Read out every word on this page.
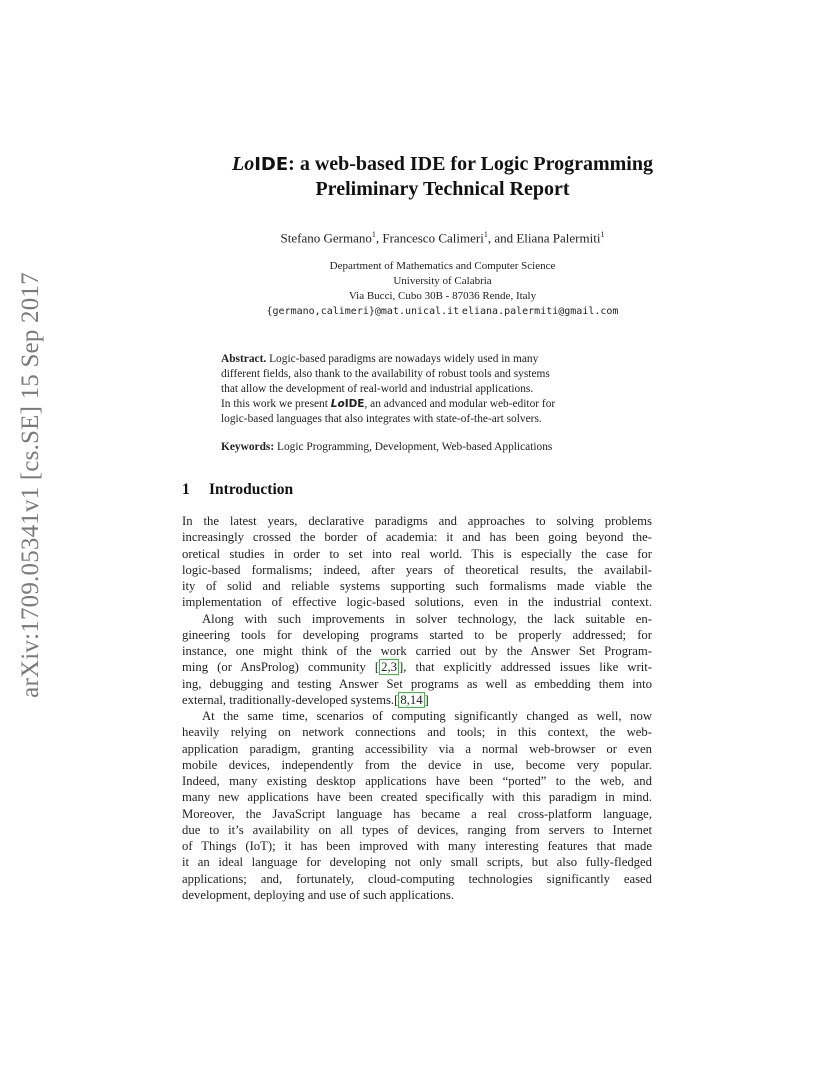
arXiv:1709.05341v1 [cs.SE] 15 Sep 2017
LoIDE: a web-based IDE for Logic Programming
Preliminary Technical Report
Stefano Germano$^1$, Francesco Calimeri$^1$, and Eliana Palermiti$^1$
Department of Mathematics and Computer Science
University of Calabria
Via Bucci, Cubo 30B - 87036 Rende, Italy
{germano,calimeri}@mat.unical.it eliana.palermiti@gmail.com
Abstract. Logic-based paradigms are nowadays widely used in many
different fields, also thank to the availability of robust tools and systems
that allow the development of real-world and industrial applications.
In this work we present LoIDE, an advanced and modular web-editor for
logic-based languages that also integrates with state-of-the-art solvers.
Keywords: Logic Programming, Development, Web-based Applications
1 Introduction
In the latest years, declarative paradigms and approaches to solving problems
increasingly crossed the border of academia: it and has been going beyond the-
oretical studies in order to set into real world. This is especially the case for
logic-based formalisms; indeed, after years of theoretical results, the availabil-
ity of solid and reliable systems supporting such formalisms made viable the
implementation of effective logic-based solutions, even in the industrial context.
Along with such improvements in solver technology, the lack suitable en-
gineering tools for developing programs started to be properly addressed; for
instance, one might think of the work carried out by the Answer Set Program-
ming (or AnsProlog) community [ 2,3 ], that explicitly addressed issues like writ-
ing, debugging and testing Answer Set programs as well as embedding them into
external, traditionally-developed systems.[ 8,14 ]
At the same time, scenarios of computing significantly changed as well, now
heavily relying on network connections and tools; in this context, the web-
application paradigm, granting accessibility via a normal web-browser or even
mobile devices, independently from the device in use, become very popular.
Indeed, many existing desktop applications have been “ported” to the web, and
many new applications have been created specifically with this paradigm in mind.
Moreover, the JavaScript language has became a real cross-platform language,
due to it’s availability on all types of devices, ranging from servers to Internet
of Things (IoT); it has been improved with many interesting features that made
it an ideal language for developing not only small scripts, but also fully-fledged
applications; and, fortunately, cloud-computing technologies significantly eased
development, deploying and use of such applications.
